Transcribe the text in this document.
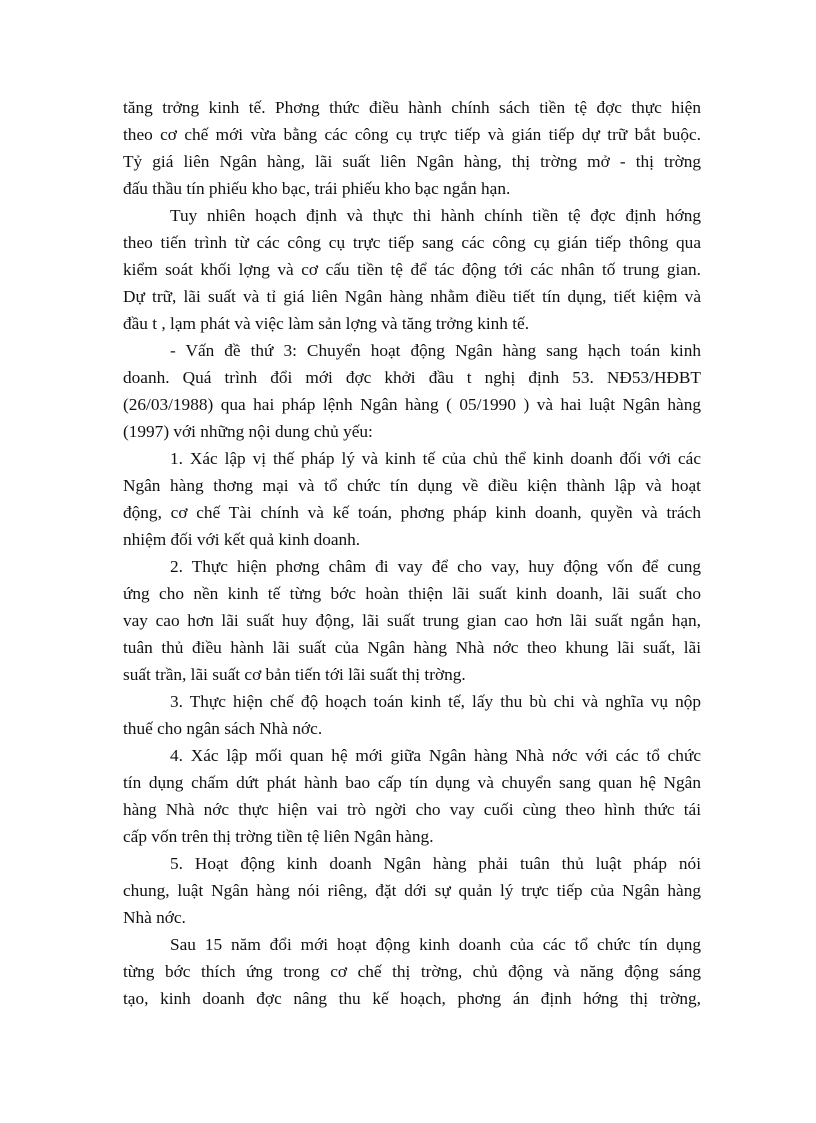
tăng trởng kinh tế. Phơng thức điều hành chính sách tiền tệ đợc thực hiện
theo cơ chế mới vừa bằng các công cụ trực tiếp và gián tiếp dự trữ bắt buộc.
Tỷ giá liên Ngân hàng, lãi suất liên Ngân hàng, thị trờng mở - thị trờng
đấu thầu tín phiếu kho bạc, trái phiếu kho bạc ngắn hạn.
Tuy nhiên hoạch định và thực thi hành chính tiền tệ đợc định hớng
theo tiến trình từ các công cụ trực tiếp sang các công cụ gián tiếp thông qua
kiểm soát khối lợng và cơ cấu tiền tệ để tác động tới các nhân tố trung gian.
Dự trữ, lãi suất và tỉ giá liên Ngân hàng nhằm điều tiết tín dụng, tiết kiệm và
đầu t , lạm phát và việc làm sản lợng và tăng trởng kinh tế.
- Vấn đề thứ 3: Chuyển hoạt động Ngân hàng sang hạch toán kinh
doanh. Quá trình đổi mới đợc khởi đầu t nghị định 53. NĐ53/HĐBT
(26/03/1988) qua hai pháp lệnh Ngân hàng ( 05/1990 ) và hai luật Ngân hàng
(1997) với những nội dung chủ yếu:
1. Xác lập vị thế pháp lý và kinh tế của chủ thể kinh doanh đối với các
Ngân hàng thơng mại và tổ chức tín dụng về điều kiện thành lập và hoạt
động, cơ chế Tài chính và kế toán, phơng pháp kinh doanh, quyền và trách
nhiệm đối với kết quả kinh doanh.
2. Thực hiện phơng châm đi vay để cho vay, huy động vốn để cung
ứng cho nền kinh tế từng bớc hoàn thiện lãi suất kinh doanh, lãi suất cho
vay cao hơn lãi suất huy động, lãi suất trung gian cao hơn lãi suất ngắn hạn,
tuân thủ điều hành lãi suất của Ngân hàng Nhà nớc theo khung lãi suất, lãi
suất trần, lãi suất cơ bản tiến tới lãi suất thị trờng.
3. Thực hiện chế độ hoạch toán kinh tế, lấy thu bù chi và nghĩa vụ nộp
thuế cho ngân sách Nhà nớc.
4. Xác lập mối quan hệ mới giữa Ngân hàng Nhà nớc với các tổ chức
tín dụng chấm dứt phát hành bao cấp tín dụng và chuyển sang quan hệ Ngân
hàng Nhà nớc thực hiện vai trò ngời cho vay cuối cùng theo hình thức tái
cấp vốn trên thị trờng tiền tệ liên Ngân hàng.
5. Hoạt động kinh doanh Ngân hàng phải tuân thủ luật pháp nói
chung, luật Ngân hàng nói riêng, đặt dới sự quản lý trực tiếp của Ngân hàng
Nhà nớc.
Sau 15 năm đổi mới hoạt động kinh doanh của các tổ chức tín dụng
từng bớc thích ứng trong cơ chế thị trờng, chủ động và năng động sáng
tạo, kinh doanh đợc nâng thu kế hoạch, phơng án định hớng thị trờng,
